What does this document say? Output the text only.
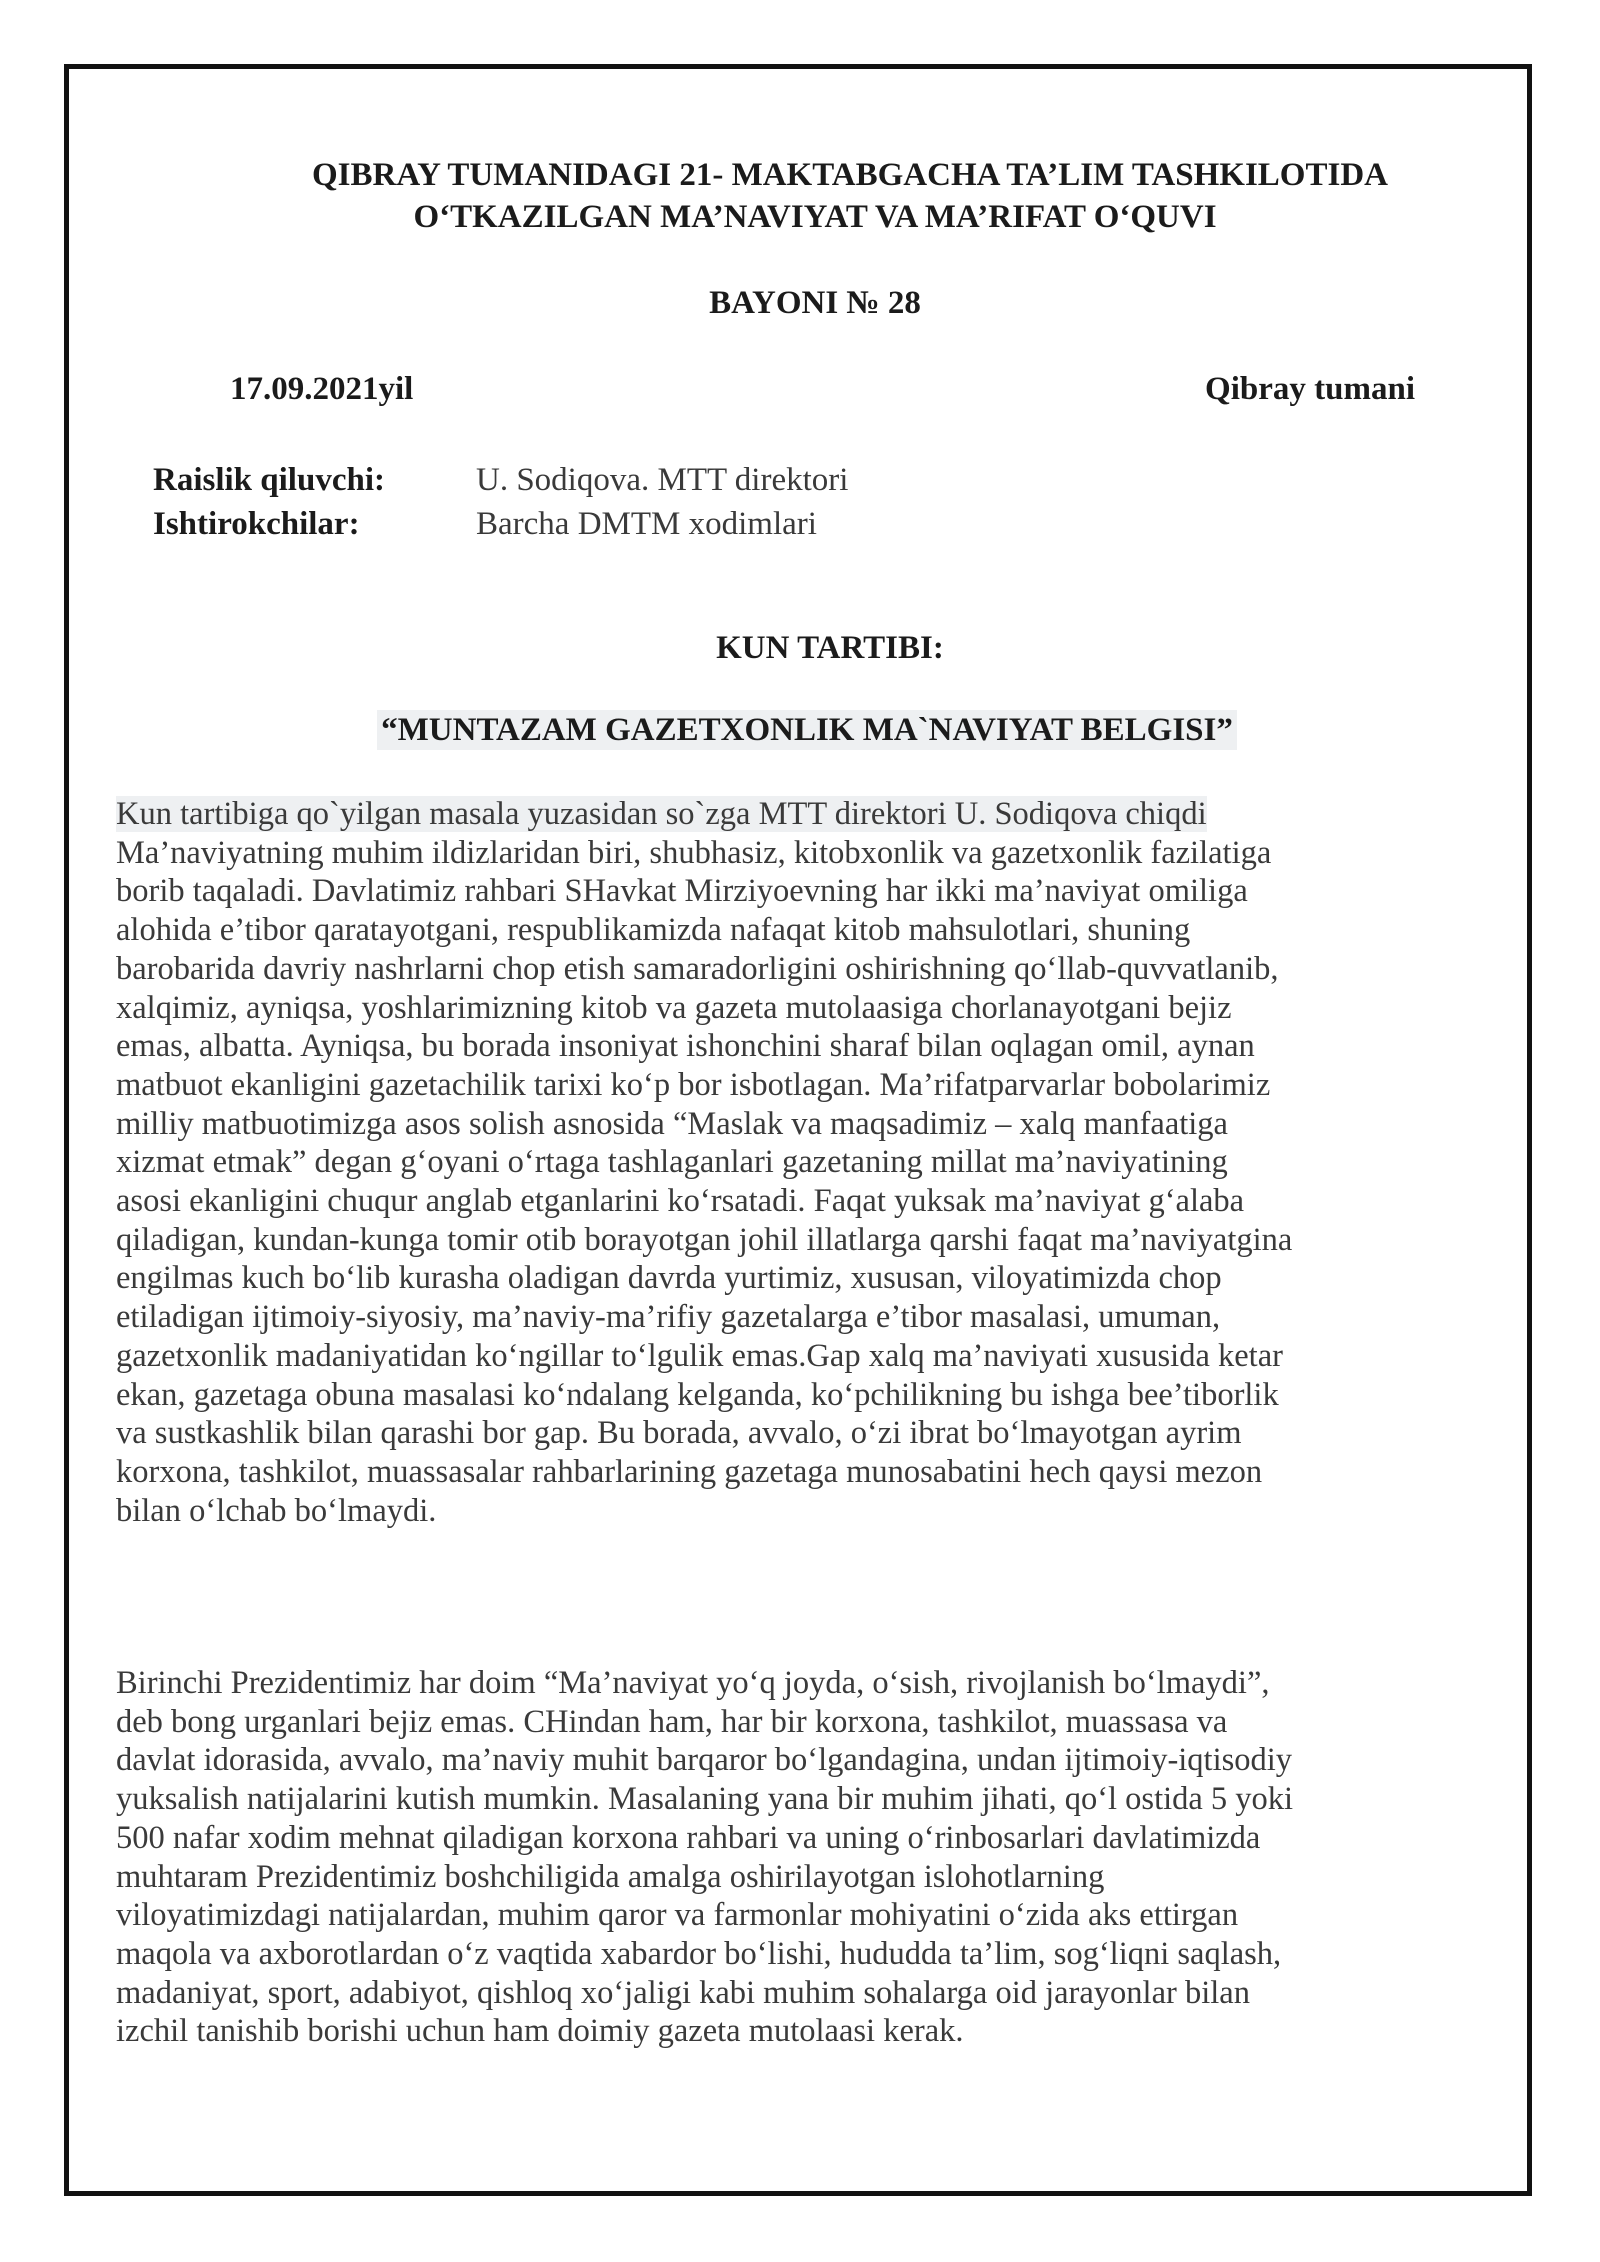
QIBRAY TUMANIDAGI 21- MAKTABGACHA TA’LIM TASHKILOTIDA
O‘TKAZILGAN MA’NAVIYAT VA MA’RIFAT O‘QUVI
BAYONI № 28
17.09.2021yil	Qibray tumani
Raislik qiluvchi:	U. Sodiqova. MTT direktori
Ishtirokchilar:	Barcha DMTM xodimlari
KUN TARTIBI:
“MUNTAZAM GAZETXONLIK MA`NAVIYAT BELGISI”
Kun tartibiga qo`yilgan masala yuzasidan so`zga MTT direktori U. Sodiqova chiqdi
Ma’naviyatning muhim ildizlaridan biri, shubhasiz, kitobxonlik va gazetxonlik fazilatiga
borib taqaladi. Davlatimiz rahbari SHavkat Mirziyoevning har ikki ma’naviyat omiliga
alohida e’tibor qaratayotgani, respublikamizda nafaqat kitob mahsulotlari, shuning
barobarida davriy nashrlarni chop etish samaradorligini oshirishning qo‘llab-quvvatlanib,
xalqimiz, ayniqsa, yoshlarimizning kitob va gazeta mutolaasiga chorlanayotgani bejiz
emas, albatta. Ayniqsa, bu borada insoniyat ishonchini sharaf bilan oqlagan omil, aynan
matbuot ekanligini gazetachilik tarixi ko‘p bor isbotlagan. Ma’rifatparvarlar bobolarimiz
milliy matbuotimizga asos solish asnosida “Maslak va maqsadimiz – xalq manfaatiga
xizmat etmak” degan g‘oyani o‘rtaga tashlaganlari gazetaning millat ma’naviyatining
asosi ekanligini chuqur anglab etganlarini ko‘rsatadi. Faqat yuksak ma’naviyat g‘alaba
qiladigan, kundan-kunga tomir otib borayotgan johil illatlarga qarshi faqat ma’naviyatgina
engilmas kuch bo‘lib kurasha oladigan davrda yurtimiz, xususan, viloyatimizda chop
etiladigan ijtimoiy-siyosiy, ma’naviy-ma’rifiy gazetalarga e’tibor masalasi, umuman,
gazetxonlik madaniyatidan ko‘ngillar to‘lgulik emas.Gap xalq ma’naviyati xususida ketar
ekan, gazetaga obuna masalasi ko‘ndalang kelganda, ko‘pchilikning bu ishga bee’tiborlik
va sustkashlik bilan qarashi bor gap. Bu borada, avvalo, o‘zi ibrat bo‘lmayotgan ayrim
korxona, tashkilot, muassasalar rahbarlarining gazetaga munosabatini hech qaysi mezon
bilan o‘lchab bo‘lmaydi.
Birinchi Prezidentimiz har doim “Ma’naviyat yo‘q joyda, o‘sish, rivojlanish bo‘lmaydi”,
deb bong urganlari bejiz emas. CHindan ham, har bir korxona, tashkilot, muassasa va
davlat idorasida, avvalo, ma’naviy muhit barqaror bo‘lgandagina, undan ijtimoiy-iqtisodiy
yuksalish natijalarini kutish mumkin. Masalaning yana bir muhim jihati, qo‘l ostida 5 yoki
500 nafar xodim mehnat qiladigan korxona rahbari va uning o‘rinbosarlari davlatimizda
muhtaram Prezidentimiz boshchiligida amalga oshirilayotgan islohotlarning
viloyatimizdagi natijalardan, muhim qaror va farmonlar mohiyatini o‘zida aks ettirgan
maqola va axborotlardan o‘z vaqtida xabardor bo‘lishi, hududda ta’lim, sog‘liqni saqlash,
madaniyat, sport, adabiyot, qishloq xo‘jaligi kabi muhim sohalarga oid jarayonlar bilan
izchil tanishib borishi uchun ham doimiy gazeta mutolaasi kerak.
